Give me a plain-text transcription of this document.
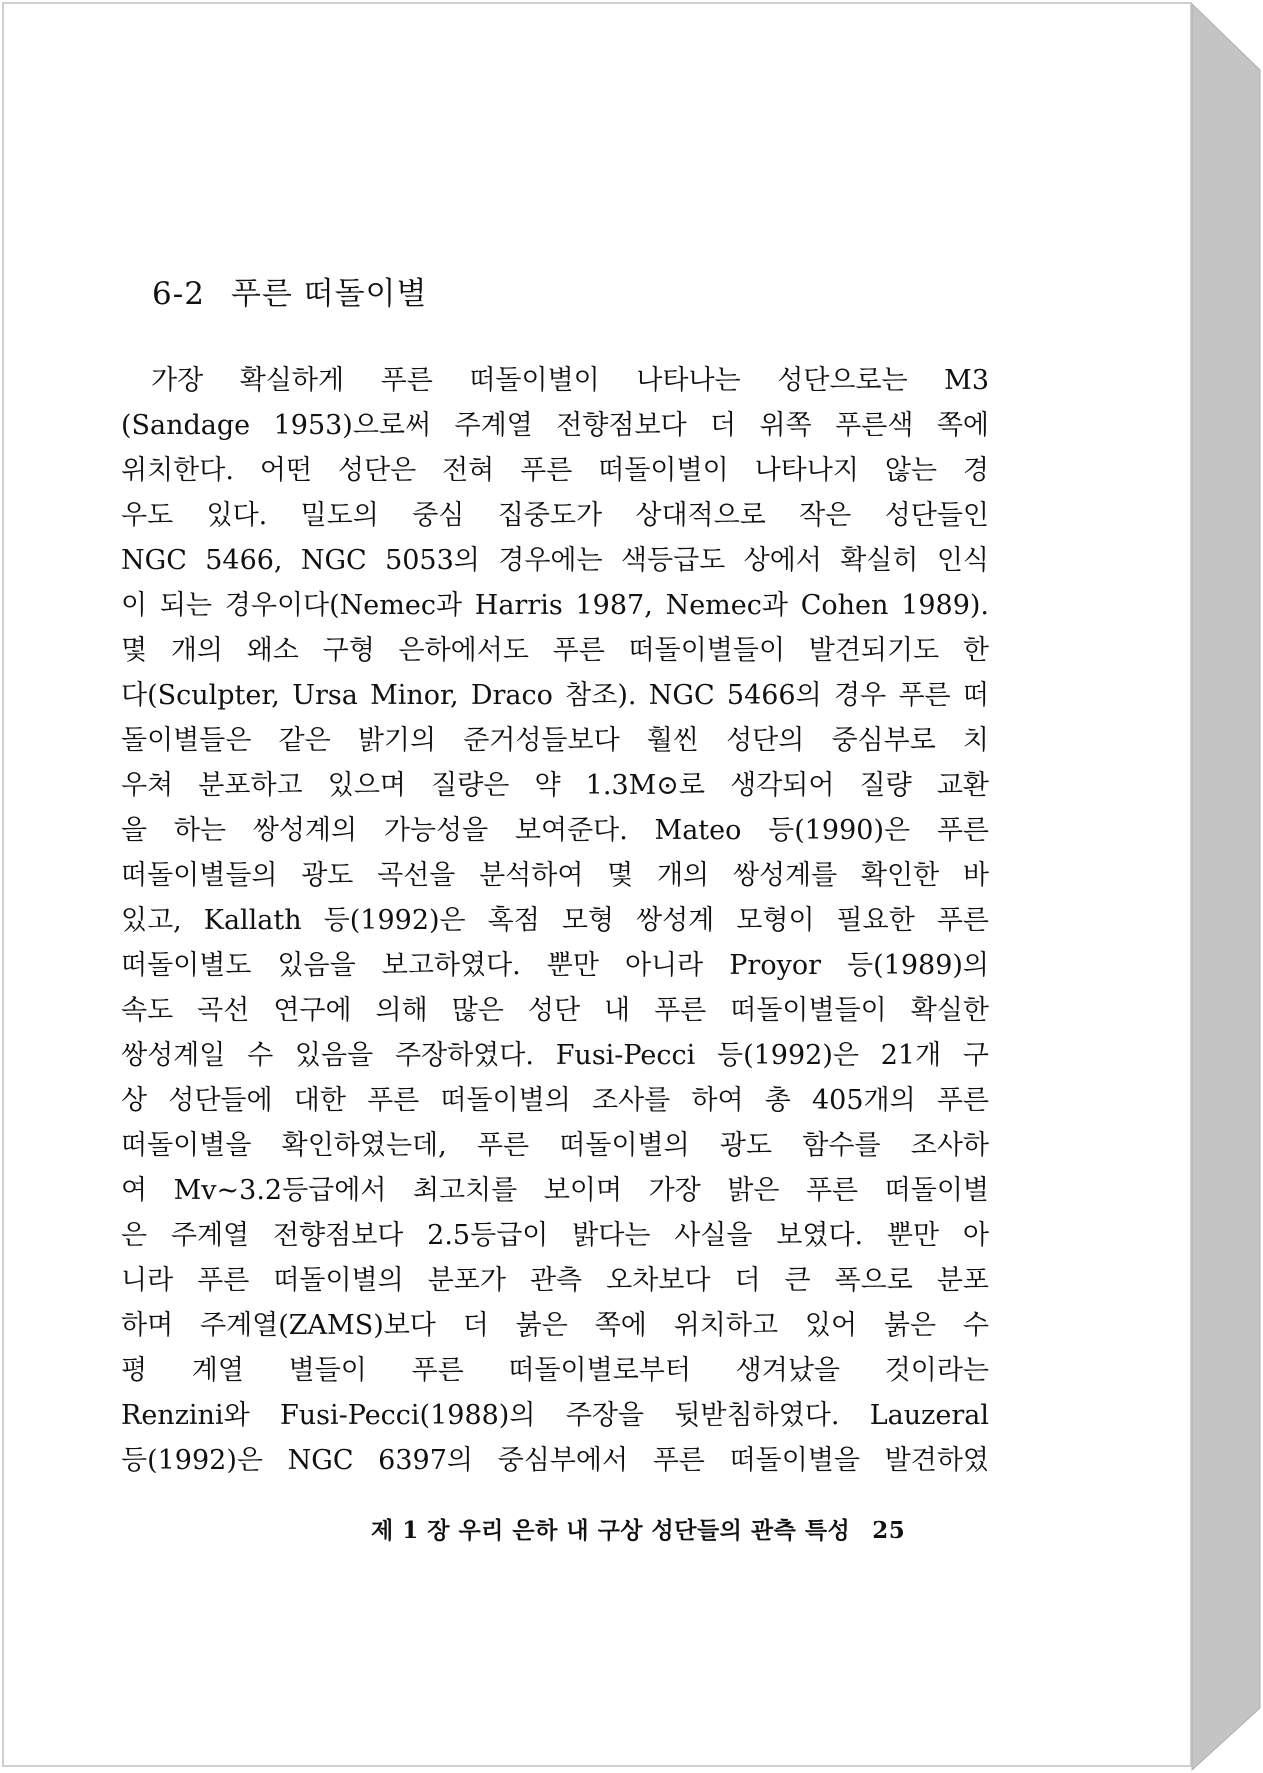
6-2 푸른 떠돌이별
가장 확실하게 푸른 떠돌이별이 나타나는 성단으로는 M3
(Sandage 1953)으로써 주계열 전향점보다 더 위쪽 푸른색 쪽에
위치한다. 어떤 성단은 전혀 푸른 떠돌이별이 나타나지 않는 경
우도 있다. 밀도의 중심 집중도가 상대적으로 작은 성단들인
NGC 5466, NGC 5053의 경우에는 색등급도 상에서 확실히 인식
이 되는 경우이다(Nemec과 Harris 1987, Nemec과 Cohen 1989).
몇 개의 왜소 구형 은하에서도 푸른 떠돌이별들이 발견되기도 한
다(Sculpter, Ursa Minor, Draco 참조). NGC 5466의 경우 푸른 떠
돌이별들은 같은 밝기의 준거성들보다 훨씬 성단의 중심부로 치
우쳐 분포하고 있으며 질량은 약 1.3M⊙로 생각되어 질량 교환
을 하는 쌍성계의 가능성을 보여준다. Mateo 등(1990)은 푸른
떠돌이별들의 광도 곡선을 분석하여 몇 개의 쌍성계를 확인한 바
있고, Kallath 등(1992)은 혹점 모형 쌍성계 모형이 필요한 푸른
떠돌이별도 있음을 보고하였다. 뿐만 아니라 Proyor 등(1989)의
속도 곡선 연구에 의해 많은 성단 내 푸른 떠돌이별들이 확실한
쌍성계일 수 있음을 주장하였다. Fusi-Pecci 등(1992)은 21개 구
상 성단들에 대한 푸른 떠돌이별의 조사를 하여 총 405개의 푸른
떠돌이별을 확인하였는데, 푸른 떠돌이별의 광도 함수를 조사하
여 Mv~3.2등급에서 최고치를 보이며 가장 밝은 푸른 떠돌이별
은 주계열 전향점보다 2.5등급이 밝다는 사실을 보였다. 뿐만 아
니라 푸른 떠돌이별의 분포가 관측 오차보다 더 큰 폭으로 분포
하며 주계열(ZAMS)보다 더 붉은 쪽에 위치하고 있어 붉은 수
평 계열 별들이 푸른 떠돌이별로부터 생겨났을 것이라는
Renzini와 Fusi-Pecci(1988)의 주장을 뒷받침하였다. Lauzeral
등(1992)은 NGC 6397의 중심부에서 푸른 떠돌이별을 발견하였
제 1 장 우리 은하 내 구상 성단들의 관측 특성 25
